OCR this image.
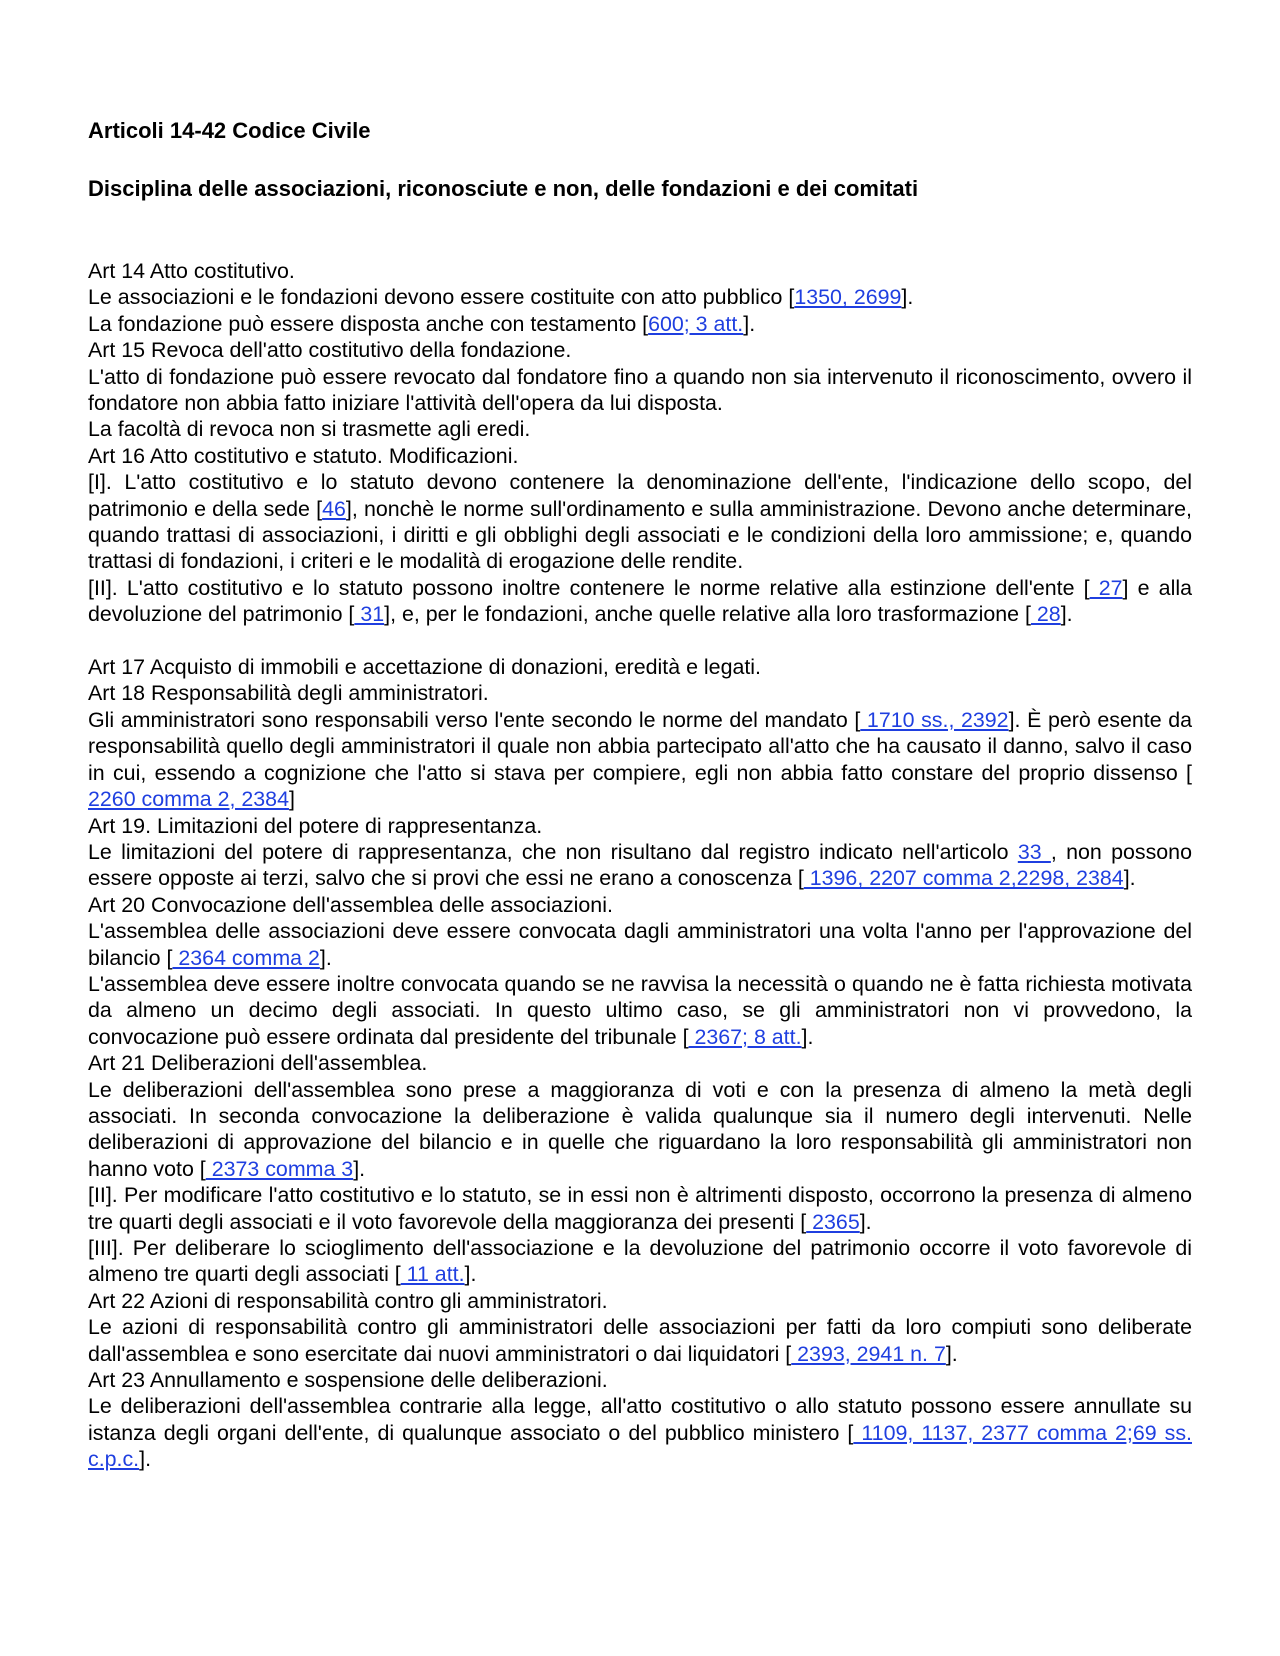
Articoli 14-42 Codice Civile
Disciplina delle associazioni, riconosciute e non, delle fondazioni e dei comitati

Art 14 Atto costitutivo.

Le associazioni e le fondazioni devono essere costituite con atto pubblico [1350, 2699].

La fondazione può essere disposta anche con testamento [600; 3 att.].

Art 15 Revoca dell'atto costitutivo della fondazione.

L'atto di fondazione può essere revocato dal fondatore fino a quando non sia intervenuto il riconoscimento, ovvero il fondatore non abbia fatto iniziare l'attività dell'opera da lui disposta.

La facoltà di revoca non si trasmette agli eredi.

Art 16 Atto costitutivo e statuto. Modificazioni.

[I]. L'atto costitutivo e lo statuto devono contenere la denominazione dell'ente, l'indicazione dello scopo, del patrimonio e della sede [46], nonchè le norme sull'ordinamento e sulla amministrazione. Devono anche determinare, quando trattasi di associazioni, i diritti e gli obblighi degli associati e le condizioni della loro ammissione; e, quando trattasi di fondazioni, i criteri e le modalità di erogazione delle rendite.

[II]. L'atto costitutivo e lo statuto possono inoltre contenere le norme relative alla estinzione dell'ente [ 27] e alla devoluzione del patrimonio [ 31], e, per le fondazioni, anche quelle relative alla loro trasformazione [ 28].

Art 17 Acquisto di immobili e accettazione di donazioni, eredità e legati.

Art 18 Responsabilità degli amministratori.

Gli amministratori sono responsabili verso l'ente secondo le norme del mandato [ 1710 ss., 2392]. È però esente da responsabilità quello degli amministratori il quale non abbia partecipato all'atto che ha causato il danno, salvo il caso in cui, essendo a cognizione che l'atto si stava per compiere, egli non abbia fatto constare del proprio dissenso [ 2260 comma 2, 2384]

Art 19. Limitazioni del potere di rappresentanza.

Le limitazioni del potere di rappresentanza, che non risultano dal registro indicato nell'articolo 33 , non possono essere opposte ai terzi, salvo che si provi che essi ne erano a conoscenza [ 1396, 2207 comma 2,2298, 2384].

Art 20 Convocazione dell'assemblea delle associazioni.

L'assemblea delle associazioni deve essere convocata dagli amministratori una volta l'anno per l'approvazione del bilancio [ 2364 comma 2].

L'assemblea deve essere inoltre convocata quando se ne ravvisa la necessità o quando ne è fatta richiesta motivata da almeno un decimo degli associati. In questo ultimo caso, se gli amministratori non vi provvedono, la convocazione può essere ordinata dal presidente del tribunale [ 2367; 8 att.].

Art 21 Deliberazioni dell'assemblea.

Le deliberazioni dell'assemblea sono prese a maggioranza di voti e con la presenza di almeno la metà degli associati. In seconda convocazione la deliberazione è valida qualunque sia il numero degli intervenuti. Nelle deliberazioni di approvazione del bilancio e in quelle che riguardano la loro responsabilità gli amministratori non hanno voto [ 2373 comma 3].

[II]. Per modificare l'atto costitutivo e lo statuto, se in essi non è altrimenti disposto, occorrono la presenza di almeno tre quarti degli associati e il voto favorevole della maggioranza dei presenti [ 2365].

[III]. Per deliberare lo scioglimento dell'associazione e la devoluzione del patrimonio occorre il voto favorevole di almeno tre quarti degli associati [ 11 att.].

Art 22 Azioni di responsabilità contro gli amministratori.

Le azioni di responsabilità contro gli amministratori delle associazioni per fatti da loro compiuti sono deliberate dall'assemblea e sono esercitate dai nuovi amministratori o dai liquidatori [ 2393, 2941 n. 7].

Art 23 Annullamento e sospensione delle deliberazioni.

Le deliberazioni dell'assemblea contrarie alla legge, all'atto costitutivo o allo statuto possono essere annullate su istanza degli organi dell'ente, di qualunque associato o del pubblico ministero [ 1109, 1137, 2377 comma 2;69 ss. c.p.c.].
